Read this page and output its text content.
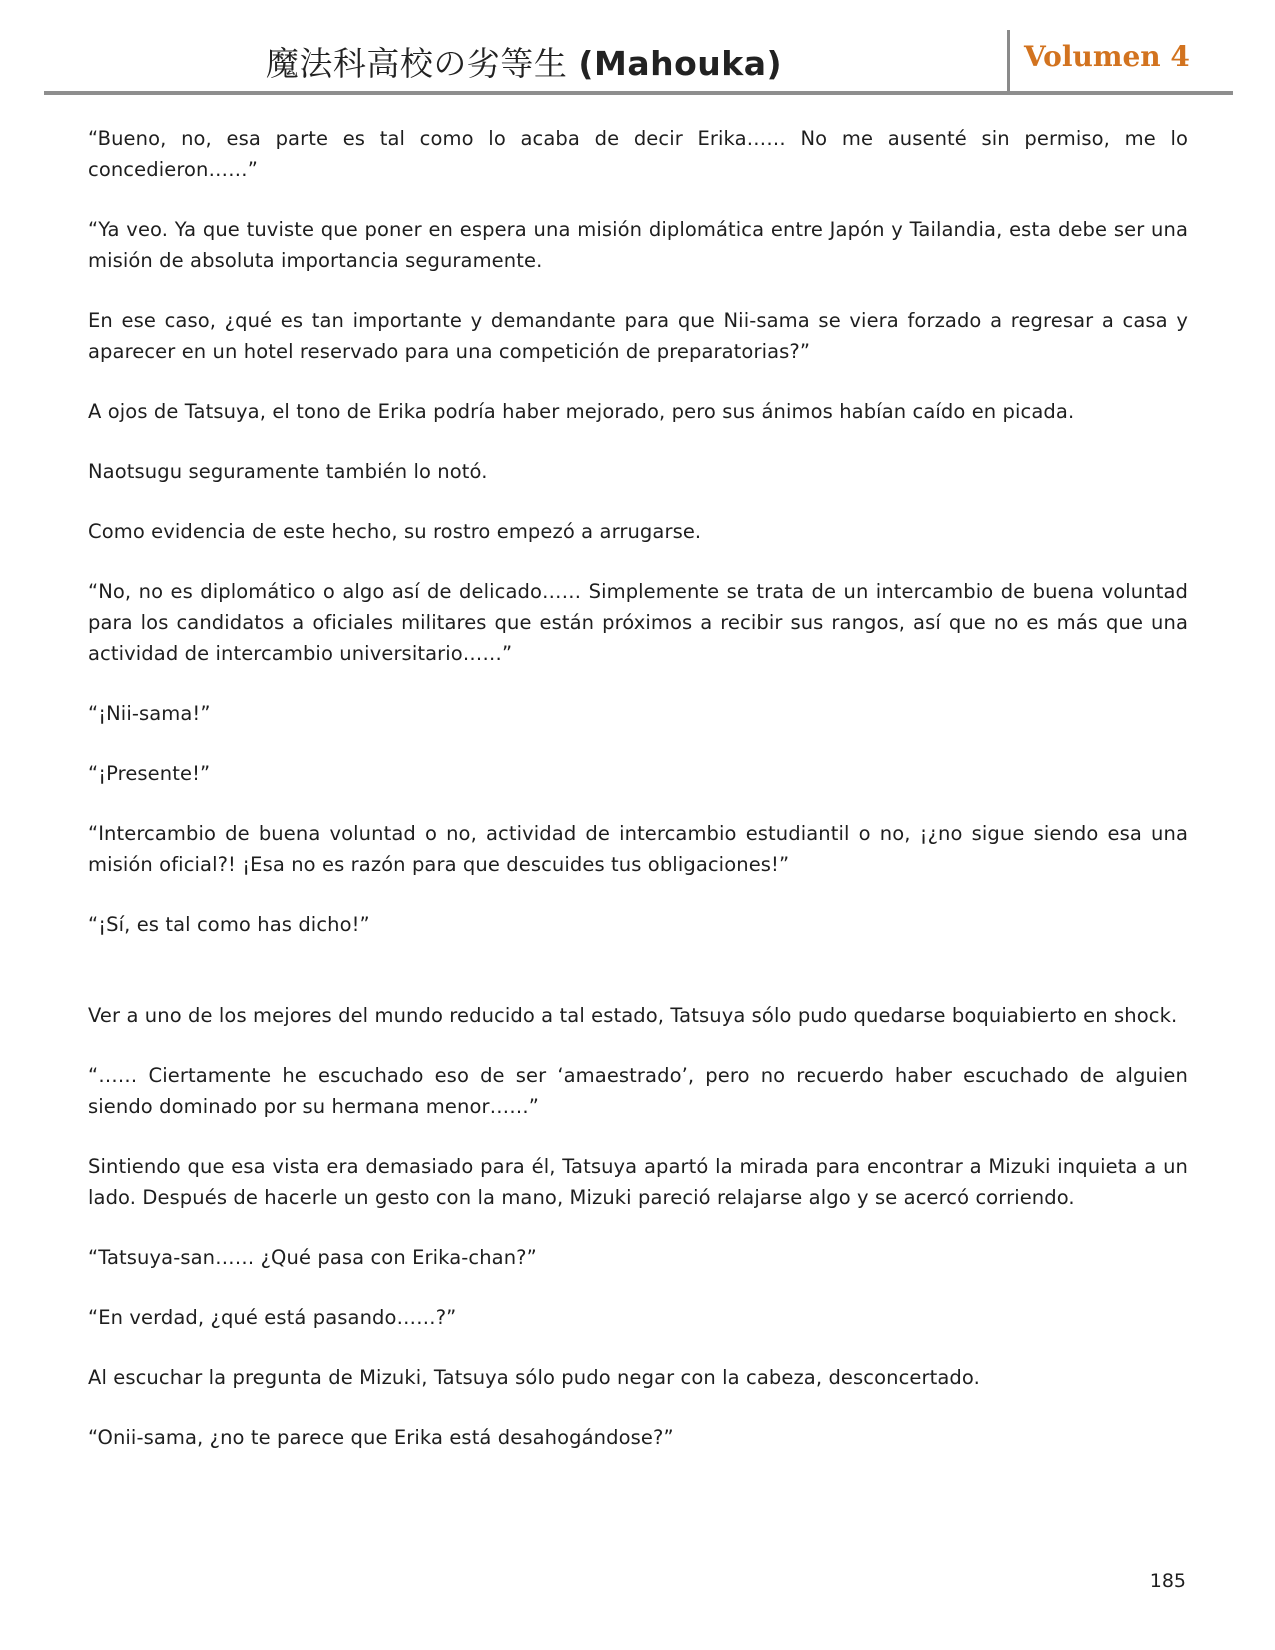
魔法科高校の劣等生 (Mahouka)	Volumen 4

“Bueno, no, esa parte es tal como lo acaba de decir Erika…… No me ausenté sin permiso, me lo concedieron……”

“Ya veo. Ya que tuviste que poner en espera una misión diplomática entre Japón y Tailandia, esta debe ser una misión de absoluta importancia seguramente.

En ese caso, ¿qué es tan importante y demandante para que Nii-sama se viera forzado a regresar a casa y aparecer en un hotel reservado para una competición de preparatorias?”

A ojos de Tatsuya, el tono de Erika podría haber mejorado, pero sus ánimos habían caído en picada.

Naotsugu seguramente también lo notó.

Como evidencia de este hecho, su rostro empezó a arrugarse.

“No, no es diplomático o algo así de delicado…… Simplemente se trata de un intercambio de buena voluntad para los candidatos a oficiales militares que están próximos a recibir sus rangos, así que no es más que una actividad de intercambio universitario……”

“¡Nii-sama!”

“¡Presente!”

“Intercambio de buena voluntad o no, actividad de intercambio estudiantil o no, ¡¿no sigue siendo esa una misión oficial?! ¡Esa no es razón para que descuides tus obligaciones!”

“¡Sí, es tal como has dicho!”

Ver a uno de los mejores del mundo reducido a tal estado, Tatsuya sólo pudo quedarse boquiabierto en shock.

“…… Ciertamente he escuchado eso de ser ‘amaestrado’, pero no recuerdo haber escuchado de alguien siendo dominado por su hermana menor……”

Sintiendo que esa vista era demasiado para él, Tatsuya apartó la mirada para encontrar a Mizuki inquieta a un lado. Después de hacerle un gesto con la mano, Mizuki pareció relajarse algo y se acercó corriendo.

“Tatsuya-san…… ¿Qué pasa con Erika-chan?”

“En verdad, ¿qué está pasando……?”

Al escuchar la pregunta de Mizuki, Tatsuya sólo pudo negar con la cabeza, desconcertado.

“Onii-sama, ¿no te parece que Erika está desahogándose?”

185
